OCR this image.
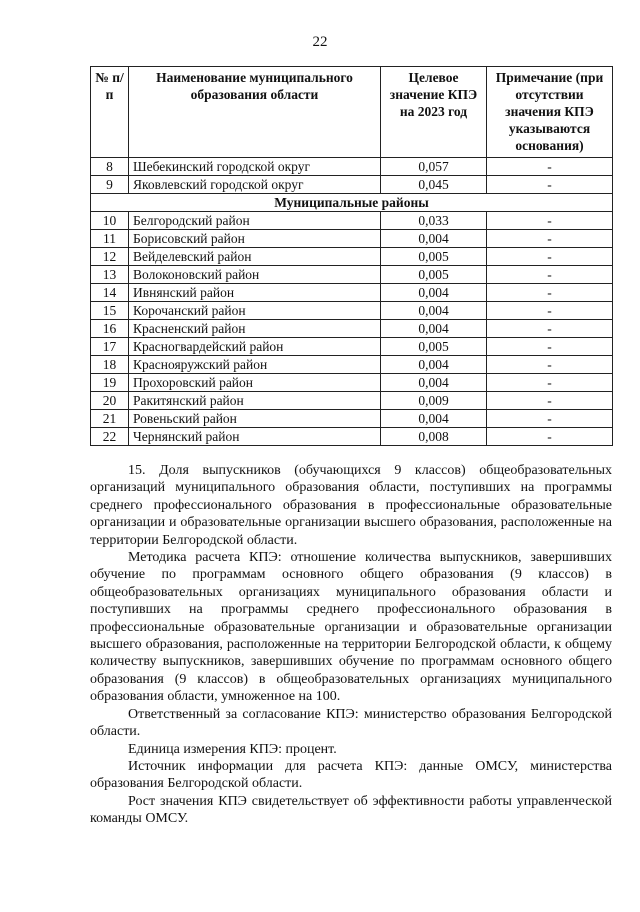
22
№ п/п	Наименование муниципального образования области	Целевое значение КПЭ на 2023 год	Примечание (при отсутствии значения КПЭ указываются основания)
8	Шебекинский городской округ	0,057	-
9	Яковлевский городской округ	0,045	-
Муниципальные районы			
10	Белгородский район	0,033	-
11	Борисовский район	0,004	-
12	Вейделевский район	0,005	-
13	Волоконовский район	0,005	-
14	Ивнянский район	0,004	-
15	Корочанский район	0,004	-
16	Красненский район	0,004	-
17	Красногвардейский район	0,005	-
18	Краснояружский район	0,004	-
19	Прохоровский район	0,004	-
20	Ракитянский район	0,009	-
21	Ровеньский район	0,004	-
22	Чернянский район	0,008	-

15. Доля выпускников (обучающихся 9 классов) общеобразовательных организаций муниципального образования области, поступивших на программы среднего профессионального образования в профессиональные образовательные организации и образовательные организации высшего образования, расположенные на территории Белгородской области.

Методика расчета КПЭ: отношение количества выпускников, завершивших обучение по программам основного общего образования (9 классов) в общеобразовательных организациях муниципального образования области и поступивших на программы среднего профессионального образования в профессиональные образовательные организации и образовательные организации высшего образования, расположенные на территории Белгородской области, к общему количеству выпускников, завершивших обучение по программам основного общего образования (9 классов) в общеобразовательных организациях муниципального образования области, умноженное на 100.

Ответственный за согласование КПЭ: министерство образования Белгородской области.

Единица измерения КПЭ: процент.

Источник информации для расчета КПЭ: данные ОМСУ, министерства образования Белгородской области.

Рост значения КПЭ свидетельствует об эффективности работы управленческой команды ОМСУ.
